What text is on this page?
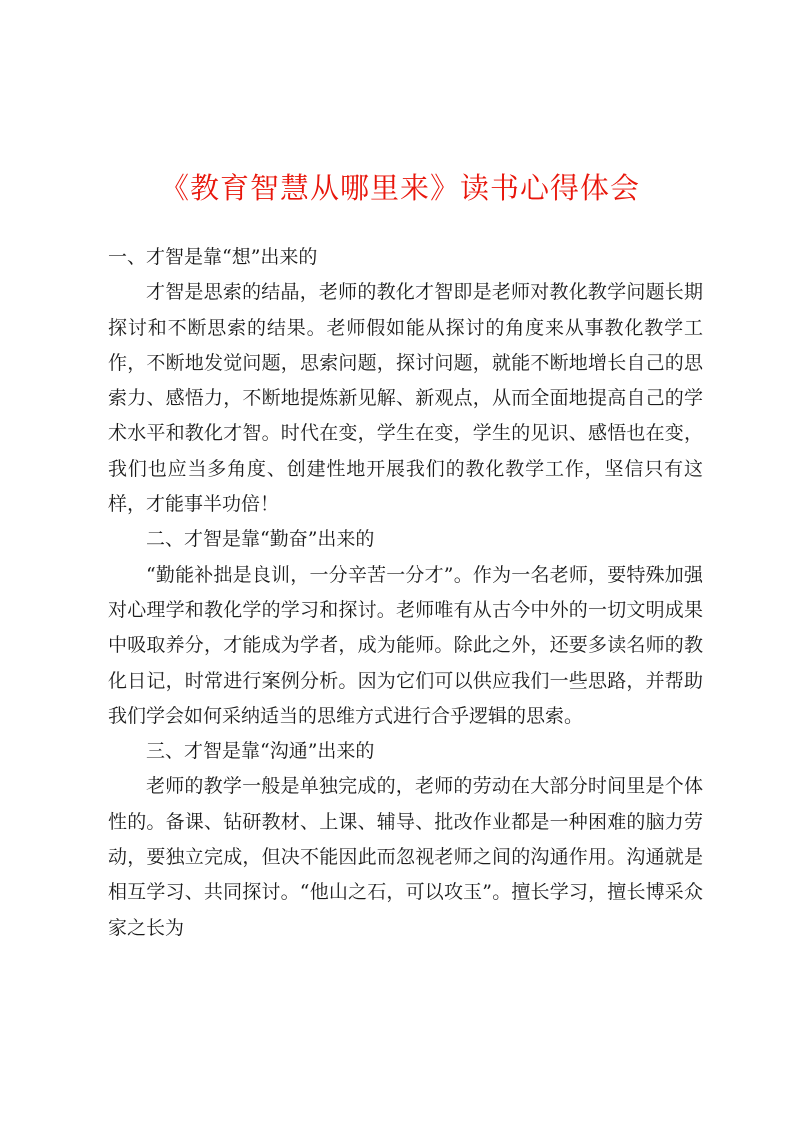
《教育智慧从哪里来》读书心得体会

一、才智是靠“想”出来的

才智是思索的结晶，老师的教化才智即是老师对教化教学问题长期探讨和不断思索的结果。老师假如能从探讨的角度来从事教化教学工作，不断地发觉问题，思索问题，探讨问题，就能不断地增长自己的思索力、感悟力，不断地提炼新见解、新观点，从而全面地提高自己的学术水平和教化才智。时代在变，学生在变，学生的见识、感悟也在变，我们也应当多角度、创建性地开展我们的教化教学工作，坚信只有这样，才能事半功倍！

二、才智是靠“勤奋”出来的

“勤能补拙是良训，一分辛苦一分才”。作为一名老师，要特殊加强对心理学和教化学的学习和探讨。老师唯有从古今中外的一切文明成果中吸取养分，才能成为学者，成为能师。除此之外，还要多读名师的教化日记，时常进行案例分析。因为它们可以供应我们一些思路，并帮助我们学会如何采纳适当的思维方式进行合乎逻辑的思索。

三、才智是靠“沟通”出来的

老师的教学一般是单独完成的，老师的劳动在大部分时间里是个体性的。备课、钻研教材、上课、辅导、批改作业都是一种困难的脑力劳动，要独立完成，但决不能因此而忽视老师之间的沟通作用。沟通就是相互学习、共同探讨。“他山之石，可以攻玉”。擅长学习，擅长博采众家之长为
